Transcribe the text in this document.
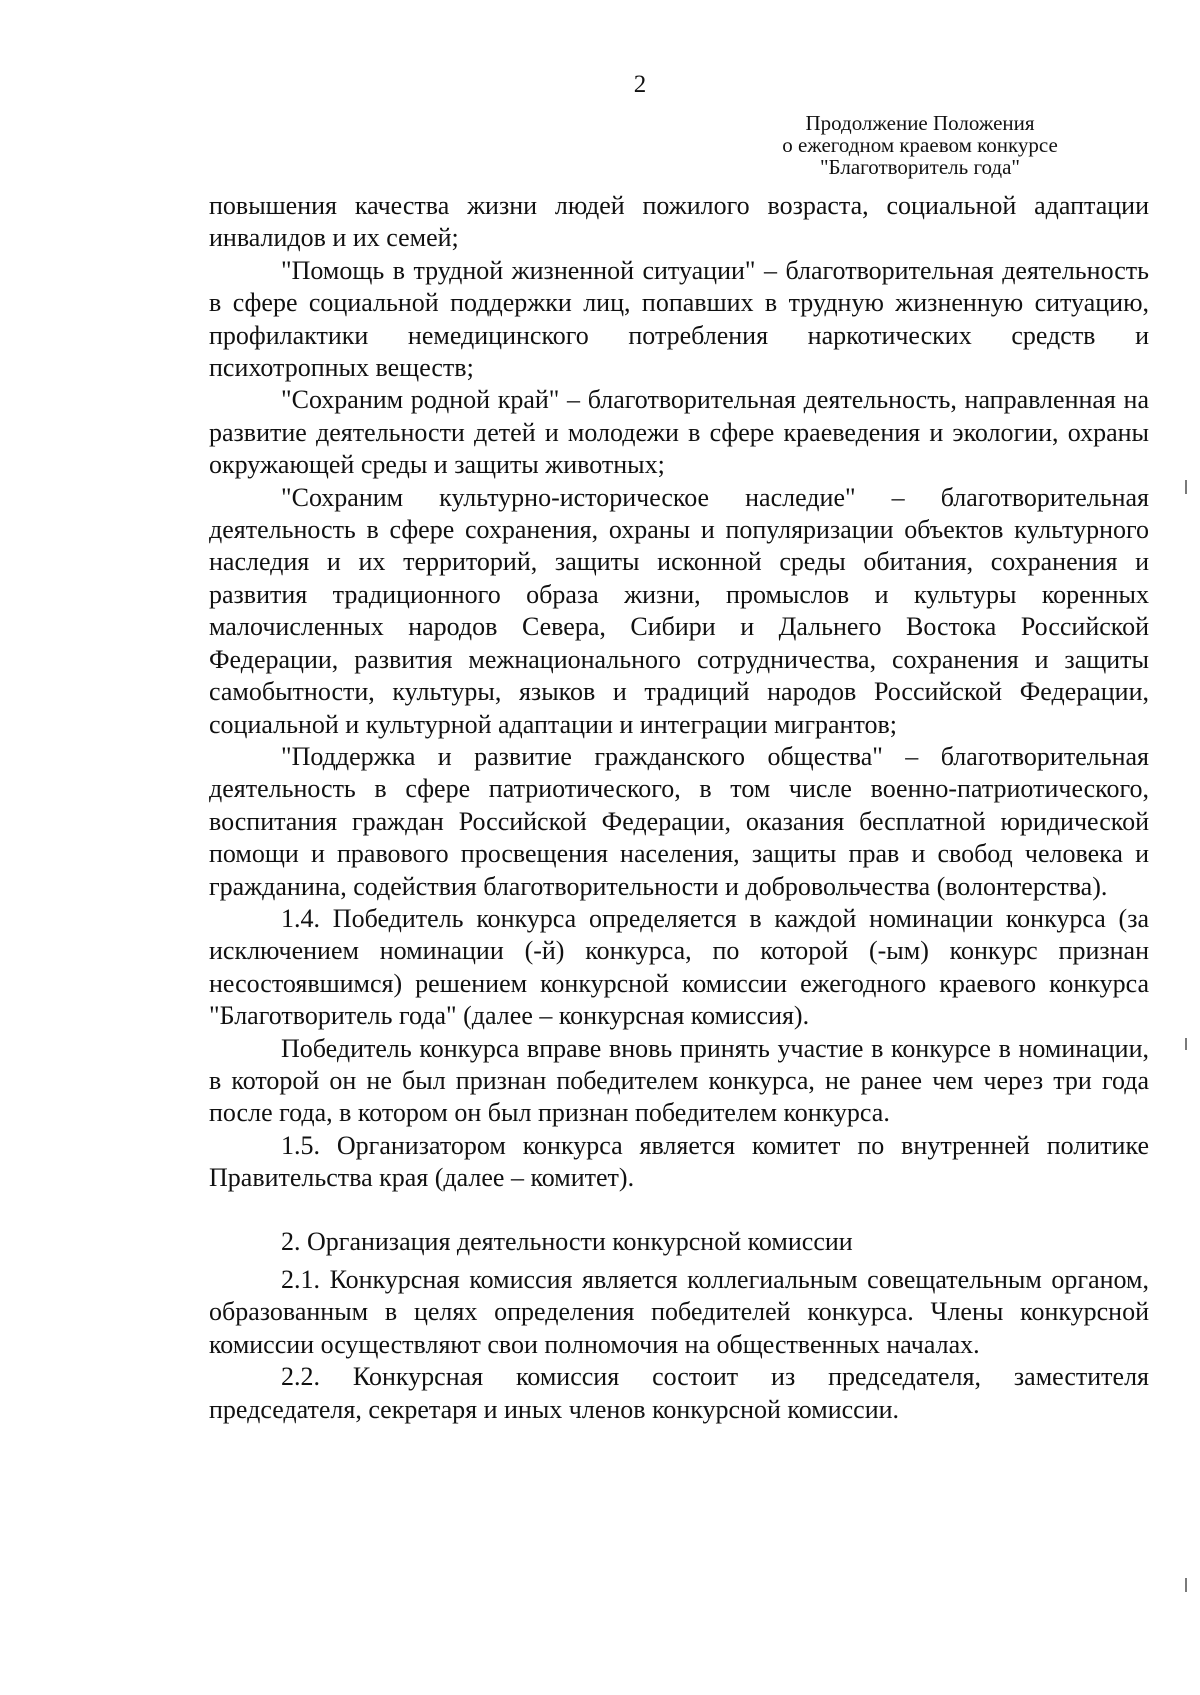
2
Продолжение Положения
о ежегодном краевом конкурсе
"Благотворитель года"

повышения качества жизни людей пожилого возраста, социальной адаптации инвалидов и их семей;

"Помощь в трудной жизненной ситуации" – благотворительная деятельность в сфере социальной поддержки лиц, попавших в трудную жизненную ситуацию, профилактики немедицинского потребления наркотических средств и психотропных веществ;

"Сохраним родной край" – благотворительная деятельность, направленная на развитие деятельности детей и молодежи в сфере краеведения и экологии, охраны окружающей среды и защиты животных;

"Сохраним культурно-историческое наследие" – благотворительная деятельность в сфере сохранения, охраны и популяризации объектов культурного наследия и их территорий, защиты исконной среды обитания, сохранения и развития традиционного образа жизни, промыслов и культуры коренных малочисленных народов Севера, Сибири и Дальнего Востока Российской Федерации, развития межнационального сотрудничества, сохранения и защиты самобытности, культуры, языков и традиций народов Российской Федерации, социальной и культурной адаптации и интеграции мигрантов;

"Поддержка и развитие гражданского общества" – благотворительная деятельность в сфере патриотического, в том числе военно-патриотического, воспитания граждан Российской Федерации, оказания бесплатной юридической помощи и правового просвещения населения, защиты прав и свобод человека и гражданина, содействия благотворительности и добровольчества (волонтерства).

1.4. Победитель конкурса определяется в каждой номинации конкурса (за исключением номинации (-й) конкурса, по которой (-ым) конкурс признан несостоявшимся) решением конкурсной комиссии ежегодного краевого конкурса "Благотворитель года" (далее – конкурсная комиссия).

Победитель конкурса вправе вновь принять участие в конкурсе в номинации, в которой он не был признан победителем конкурса, не ранее чем через три года после года, в котором он был признан победителем конкурса.

1.5. Организатором конкурса является комитет по внутренней политике Правительства края (далее – комитет).

2. Организация деятельности конкурсной комиссии

2.1. Конкурсная комиссия является коллегиальным совещательным органом, образованным в целях определения победителей конкурса. Члены конкурсной комиссии осуществляют свои полномочия на общественных началах.

2.2. Конкурсная комиссия состоит из председателя, заместителя председателя, секретаря и иных членов конкурсной комиссии.
